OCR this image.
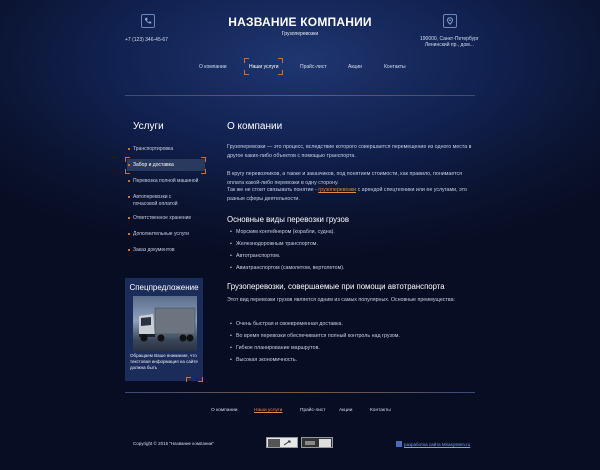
+7 (123) 346-45-67
НАЗВАНИЕ КОМПАНИИ
Грузоперевозки
190000, Санкт-Петербург
Ленинский пр., дом...
О компании	Наши услуги	Прайс-лист	Акции	Контакты
Услуги
Транспортировка
Забор и доставка
Перевозка полной машиной
Автоперевозки с почасовой оплатой
Ответственное хранение
Дополнительные услуги
Заказ документов
Спецпредложение
Обращаем Ваше внимание, что текстовая информация на сайте должна быть
О компании
Грузоперевозки — это процесс, вследствие которого совершается перемещение из одного места в другое каких-либо объектов с помощью транспорта.
В кругу перевозчиков, а также и заказчиков, под понятием стоимости, как правило, понимается оплата какой-либо перевозки в одну сторону.
Так же не стоит связывать понятие - грузоперевозки с арендой спецтехники или ее услугами, это разные сферы деятельности.
Основные виды перевозки грузов
• Морским контейнером (корабли, судна).
• Железнодорожным транспортом.
• Автотранспортом.
• Авиатранспортом (самолетом, вертолетом).
Грузоперевозки, совершаемые при помощи автотранспорта
Этот вид перевозки грузов является одним из самых популярных. Основные преимущества:
• Очень быстрая и своевременная доставка.
• Во время перевозки обеспечивается полный контроль над грузом.
• Гибкое планирование маршрутов.
• Высокая экономичность.
О компании	Наши услуги	Прайс-лист	Акции	Контакты
Copyright © 2015 "Название компании"	разработка сайта Mirasystem.ru
